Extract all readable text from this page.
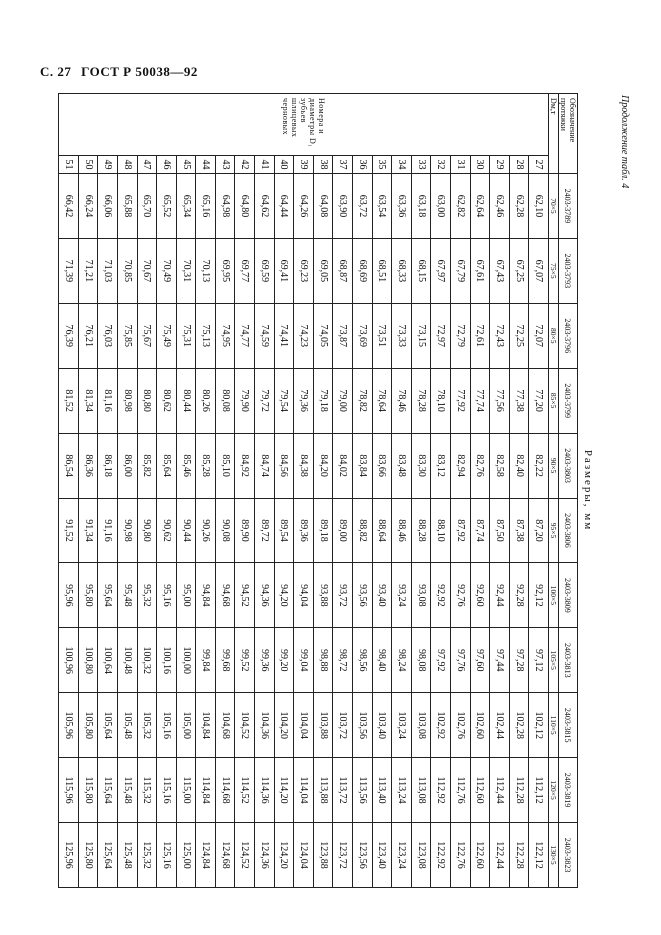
С. 27 ГОСТ Р 50038—92
Обозначение протяжки		2403-3789	2403-3793	2403-3796	2403-3799	2403-3803	2403-3806	2403-3809	2403-3813	2403-3815	2403-3819	2403-3823
Dм,т		70×5	75×5	80×5	85×5	90×5	95×5	100×5	105×5	110×5	120×5	130×5

Номера и диаметры D₁ зубьев
шлицевых
черновых	27	62,10	67,07	72,07	77,20	82,22	87,20	92,12	97,12	102,12	112,12	122,12
	28	62,28	67,25	72,25	77,38	82,40	87,38	92,28	97,28	102,28	112,28	122,28
	29	62,46	67,43	72,43	77,56	82,58	87,50	92,44	97,44	102,44	112,44	122,44
	30	62,64	67,61	72,61	77,74	82,76	87,74	92,60	97,60	102,60	112,60	122,60
	31	62,82	67,79	72,79	77,92	82,94	87,92	92,76	97,76	102,76	112,76	122,76
	32	63,00	67,97	72,97	78,10	83,12	88,10	92,92	97,92	102,92	112,92	122,92
	33	63,18	68,15	73,15	78,28	83,30	88,28	93,08	98,08	103,08	113,08	123,08
	34	63,36	68,33	73,33	78,46	83,48	88,46	93,24	98,24	103,24	113,24	123,24
	35	63,54	68,51	73,51	78,64	83,66	88,64	93,40	98,40	103,40	113,40	123,40
	36	63,72	68,69	73,69	78,82	83,84	88,82	93,56	98,56	103,56	113,56	123,56
	37	63,90	68,87	73,87	79,00	84,02	89,00	93,72	98,72	103,72	113,72	123,72
	38	64,08	69,05	74,05	79,18	84,20	89,18	93,88	98,88	103,88	113,88	123,88
	39	64,26	69,23	74,23	79,36	84,38	89,36	94,04	99,04	104,04	114,04	124,04
	40	64,44	69,41	74,41	79,54	84,56	89,54	94,20	99,20	104,20	114,20	124,20
	41	64,62	69,59	74,59	79,72	84,74	89,72	94,36	99,36	104,36	114,36	124,36
	42	64,80	69,77	74,77	79,90	84,92	89,90	94,52	99,52	104,52	114,52	124,52
	43	64,98	69,95	74,95	80,08	85,10	90,08	94,68	99,68	104,68	114,68	124,68
	44	65,16	70,13	75,13	80,26	85,28	90,26	94,84	99,84	104,84	114,84	124,84
	45	65,34	70,31	75,31	80,44	85,46	90,44	95,00	100,00	105,00	115,00	125,00
	46	65,52	70,49	75,49	80,62	85,64	90,62	95,16	100,16	105,16	115,16	125,16
	47	65,70	70,67	75,67	80,80	85,82	90,80	95,32	100,32	105,32	115,32	125,32
	48	65,88	70,85	75,85	80,98	86,00	90,98	95,48	100,48	105,48	115,48	125,48
	49	66,06	71,03	76,03	81,16	86,18	91,16	95,64	100,64	105,64	115,64	125,64
	50	66,24	71,21	76,21	81,34	86,36	91,34	95,80	100,80	105,80	115,80	125,80
	51	66,42	71,39	76,39	81,52	86,54	91,52	95,96	100,96	105,96	115,96	125,96
Размеры, мм
Продолжение табл. 4
